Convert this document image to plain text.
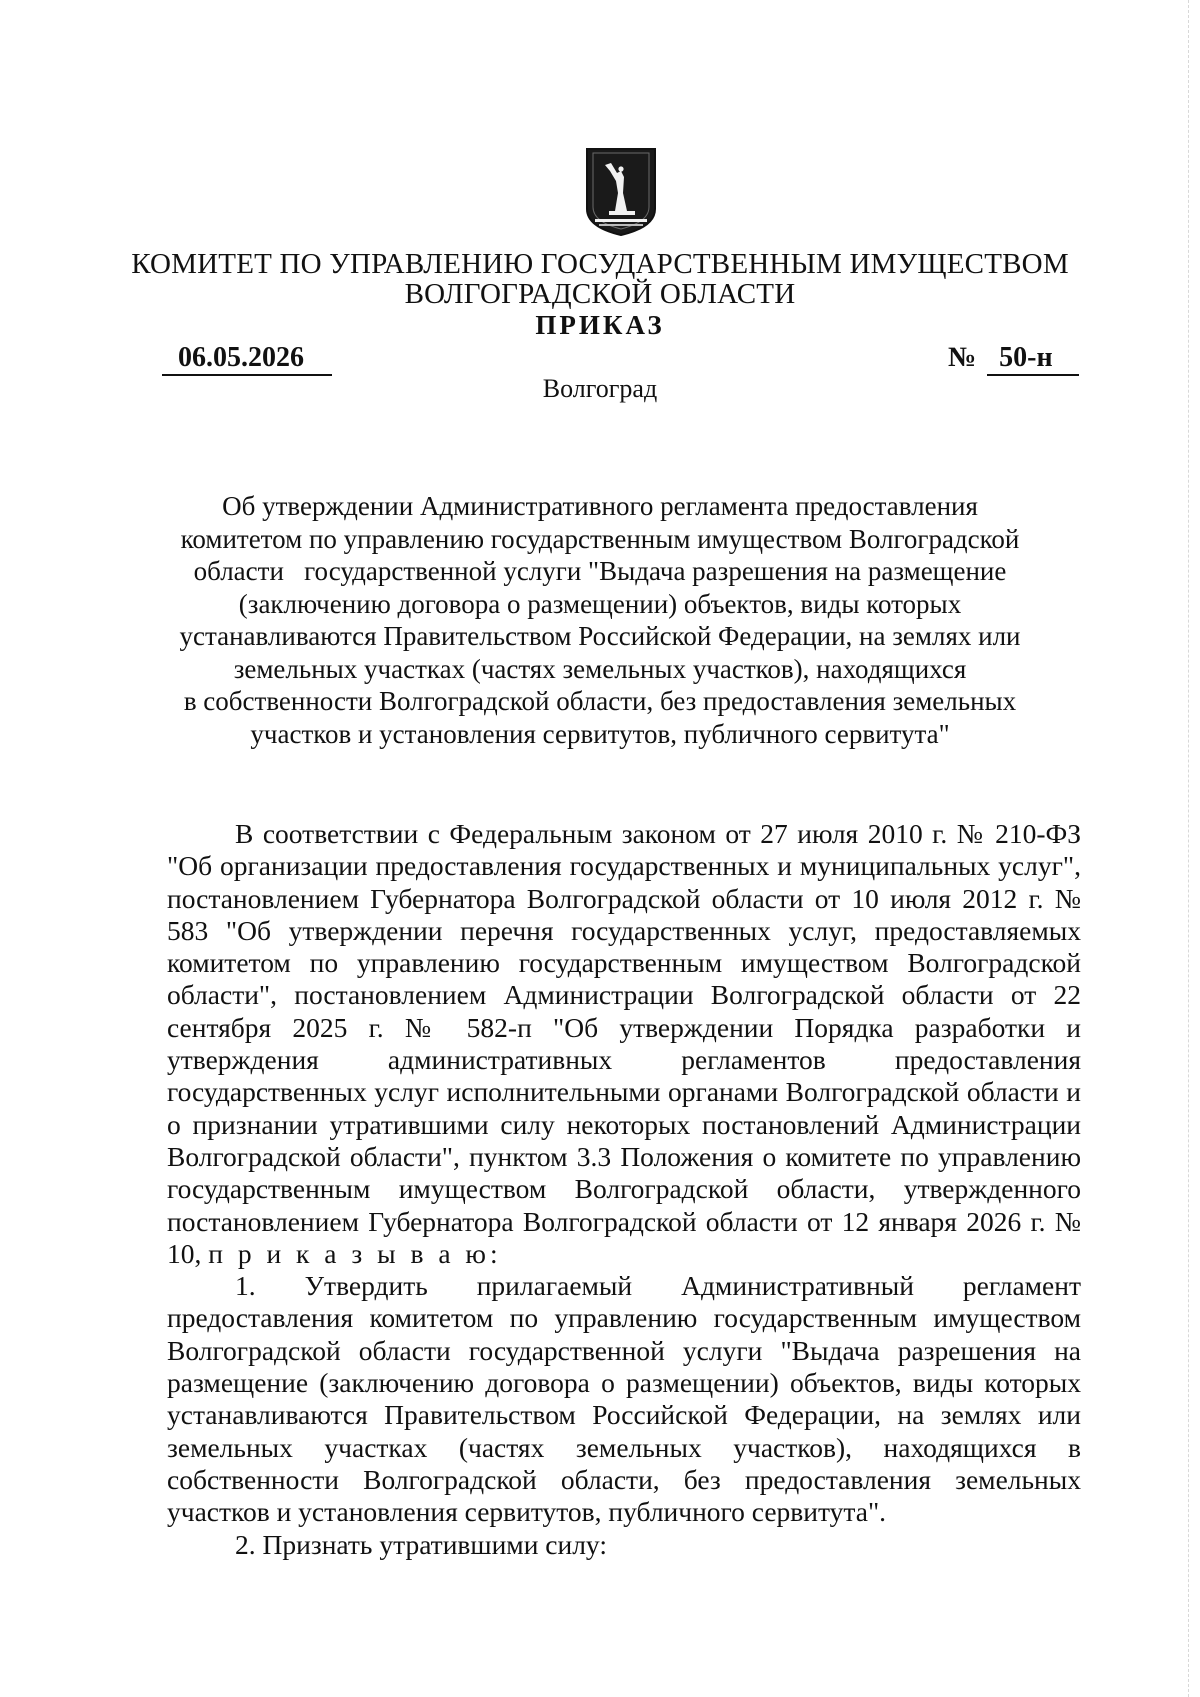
КОМИТЕТ ПО УПРАВЛЕНИЮ ГОСУДАРСТВЕННЫМ ИМУЩЕСТВОМ
ВОЛГОГРАДСКОЙ ОБЛАСТИ
ПРИКАЗ
06.05.2026	№ 50-н
Волгоград
Об утверждении Административного регламента предоставления
комитетом по управлению государственным имуществом Волгоградской
области   государственной услуги "Выдача разрешения на размещение
(заключению договора о размещении) объектов, виды которых
устанавливаются Правительством Российской Федерации, на землях или
земельных участках (частях земельных участков), находящихся
в собственности Волгоградской области, без предоставления земельных
участков и установления сервитутов, публичного сервитута"

В соответствии с Федеральным законом от 27 июля 2010 г. № 210-ФЗ "Об организации предоставления государственных и муниципальных услуг", постановлением Губернатора Волгоградской области от 10 июля 2012 г. № 583 "Об утверждении перечня государственных услуг, предоставляемых комитетом по управлению государственным имуществом Волгоградской области", постановлением Администрации Волгоградской области от 22 сентября 2025 г. № 582-п "Об утверждении Порядка разработки и утверждения административных регламентов предоставления государственных услуг исполнительными органами Волгоградской области и о признании утратившими силу некоторых постановлений Администрации Волгоградской области", пунктом 3.3 Положения о комитете по управлению государственным имуществом Волгоградской области, утвержденного постановлением Губернатора Волгоградской области от 12 января 2026 г. № 10, п р и к а з ы в а ю:

1. Утвердить прилагаемый Административный регламент предоставления комитетом по управлению государственным имуществом Волгоградской области государственной услуги "Выдача разрешения на размещение (заключению договора о размещении) объектов, виды которых устанавливаются Правительством Российской Федерации, на землях или земельных участках (частях земельных участков), находящихся в собственности Волгоградской области, без предоставления земельных участков и установления сервитутов, публичного сервитута".

2. Признать утратившими силу:
